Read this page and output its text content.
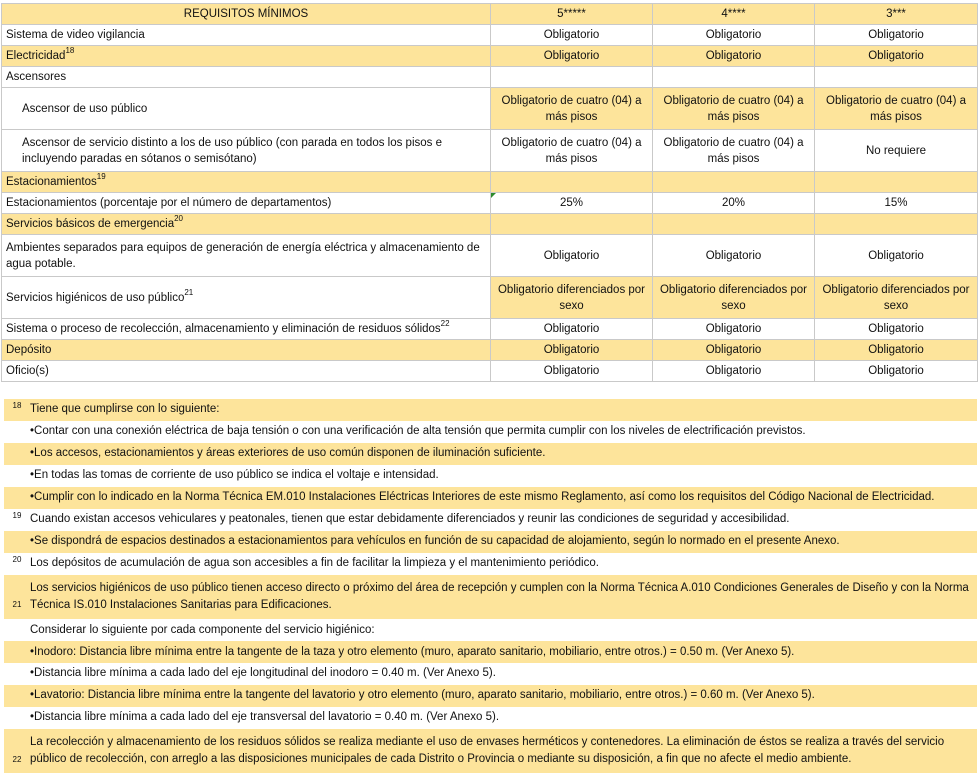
REQUISITOS MÍNIMOS	5*****	4****	3***
Sistema de video vigilancia	Obligatorio	Obligatorio	Obligatorio
Electricidad$^{18}$	Obligatorio	Obligatorio	Obligatorio
Ascensores			
Ascensor de uso público	Obligatorio de cuatro (04) a más pisos	Obligatorio de cuatro (04) a más pisos	Obligatorio de cuatro (04) a más pisos
Ascensor de servicio distinto a los de uso público (con parada en todos los pisos e incluyendo paradas en sótanos o semisótano)	Obligatorio de cuatro (04) a más pisos	Obligatorio de cuatro (04) a más pisos	No requiere
Estacionamientos$^{19}$			
Estacionamientos (porcentaje por el número de departamentos)	25%	20%	15%
Servicios básicos de emergencia$^{20}$			
Ambientes separados para equipos de generación de energía eléctrica y almacenamiento de agua potable.	Obligatorio	Obligatorio	Obligatorio
Servicios higiénicos de uso público$^{21}$	Obligatorio diferenciados por sexo	Obligatorio diferenciados por sexo	Obligatorio diferenciados por sexo
Sistema o proceso de recolección, almacenamiento y eliminación de residuos sólidos$^{22}$	Obligatorio	Obligatorio	Obligatorio
Depósito	Obligatorio	Obligatorio	Obligatorio
Oficio(s)	Obligatorio	Obligatorio	Obligatorio
18 Tiene que cumplirse con lo siguiente:
•Contar con una conexión eléctrica de baja tensión o con una verificación de alta tensión que permita cumplir con los niveles de electrificación previstos.
•Los accesos, estacionamientos y áreas exteriores de uso común disponen de iluminación suficiente.
•En todas las tomas de corriente de uso público se indica el voltaje e intensidad.
•Cumplir con lo indicado en la Norma Técnica EM.010 Instalaciones Eléctricas Interiores de este mismo Reglamento, así como los requisitos del Código Nacional de Electricidad.
19 Cuando existan accesos vehiculares y peatonales, tienen que estar debidamente diferenciados y reunir las condiciones de seguridad y accesibilidad.
•Se dispondrá de espacios destinados a estacionamientos para vehículos en función de su capacidad de alojamiento, según lo normado en el presente Anexo.
20 Los depósitos de acumulación de agua son accesibles a fin de facilitar la limpieza y el mantenimiento periódico.
21
Los servicios higiénicos de uso público tienen acceso directo o próximo del área de recepción y cumplen con la Norma Técnica A.010 Condiciones Generales de Diseño y con la Norma Técnica IS.010 Instalaciones Sanitarias para Edificaciones.
Considerar lo siguiente por cada componente del servicio higiénico:
•Inodoro: Distancia libre mínima entre la tangente de la taza y otro elemento (muro, aparato sanitario, mobiliario, entre otros.) = 0.50 m. (Ver Anexo 5).
•Distancia libre mínima a cada lado del eje longitudinal del inodoro = 0.40 m. (Ver Anexo 5).
•Lavatorio: Distancia libre mínima entre la tangente del lavatorio y otro elemento (muro, aparato sanitario, mobiliario, entre otros.) = 0.60 m. (Ver Anexo 5).
•Distancia libre mínima a cada lado del eje transversal del lavatorio = 0.40 m. (Ver Anexo 5).
22
La recolección y almacenamiento de los residuos sólidos se realiza mediante el uso de envases herméticos y contenedores. La eliminación de éstos se realiza a través del servicio público de recolección, con arreglo a las disposiciones municipales de cada Distrito o Provincia o mediante su disposición, a fin que no afecte el medio ambiente.
